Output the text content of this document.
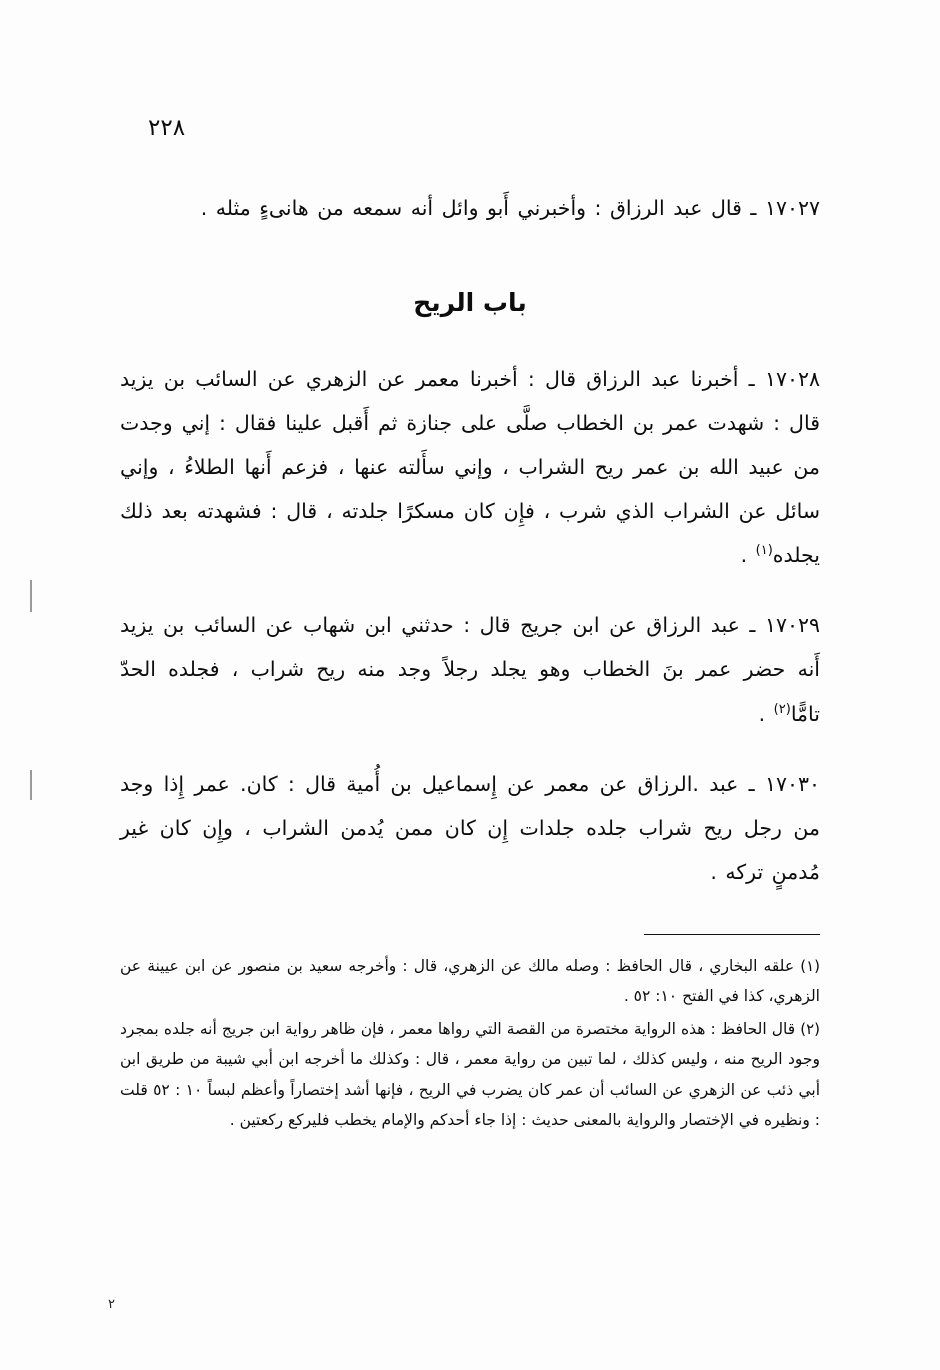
٢٢٨

١٧٠٢٧ ـ قال عبد الرزاق : وأخبرني أَبو وائل أنه سمعه من هانىءٍ مثله .

باب الريح

١٧٠٢٨ ـ أخبرنا عبد الرزاق قال : أخبرنا معمر عن الزهري عن السائب بن يزيد قال : شهدت عمر بن الخطاب صلَّى على جنازة ثم أَقبل علينا فقال : إني وجدت من عبيد الله بن عمر ريح الشراب ، وإني سأَلته عنها ، فزعم أَنها الطلاءُ ، وإني سائل عن الشراب الذي شرب ، فإِن كان مسكرًا جلدته ، قال : فشهدته بعد ذلك يجلده$^{(١)}$ .

١٧٠٢٩ ـ عبد الرزاق عن ابن جريج قال : حدثني ابن شهاب عن السائب بن يزيد أَنه حضر عمر بنَ الخطاب وهو يجلد رجلاً وجد منه ريح شراب ، فجلده الحدّ تامًّا$^{(٢)}$ .

١٧٠٣٠ ـ عبد .الرزاق عن معمر عن إِسماعيل بن أُمية قال : كان. عمر إِذا وجد من رجل ريح شراب جلده جلدات إِن كان ممن يُدمن الشراب ، وإِن كان غير مُدمنٍ تركه .

(١) علقه البخاري ، قال الحافظ : وصله مالك عن الزهري، قال : وأخرجه سعيد بن منصور عن ابن عيينة عن الزهري، كذا في الفتح ١٠: ٥٢ .

(٢) قال الحافظ : هذه الرواية مختصرة من القصة التي رواها معمر ، فإن ظاهر رواية ابن جريج أنه جلده بمجرد وجود الريح منه ، وليس كذلك ، لما تبين من رواية معمر ، قال : وكذلك ما أخرجه ابن أبي شيبة من طريق ابن أبي ذئب عن الزهري عن السائب أن عمر كان يضرب في الريح ، فإنها أشد إختصاراً وأعظم لبساً ١٠ : ٥٢ قلت : ونظيره في الإختصار والرواية بالمعنى حديث : إذا جاء أحدكم والإمام يخطب فليركع ركعتين .

٢
